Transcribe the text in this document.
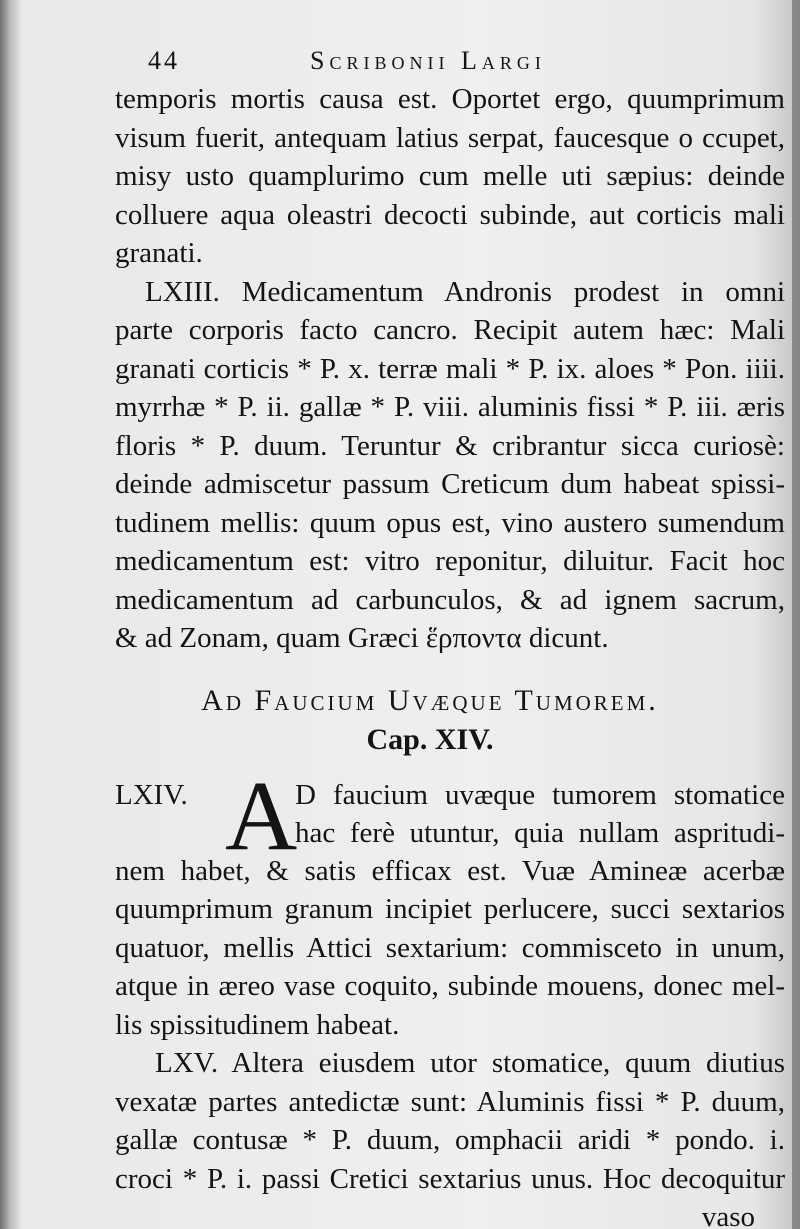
44	Scribonii Largi
temporis mortis causa est. Oportet ergo, quumprimum
visum fuerit, antequam latius serpat, faucesque o ccupet,
misy usto quamplurimo cum melle uti sæpius: deinde
colluere aqua oleastri decocti subinde, aut corticis mali
granati.
LXIII. Medicamentum Andronis prodest in omni
parte corporis facto cancro. Recipit autem hæc: Mali
granati corticis * P. x. terræ mali * P. ix. aloes * Pon. iiii.
myrrhæ * P. ii. gallæ * P. viii. aluminis fissi * P. iii. æris
floris * P. duum. Teruntur & cribrantur sicca curiosè:
deinde admiscetur passum Creticum dum habeat spissi-
tudinem mellis: quum opus est, vino austero sumendum
medicamentum est: vitro reponitur, diluitur. Facit hoc
medicamentum ad carbunculos, & ad ignem sacrum,
& ad Zonam, quam Græci ἕρποντα dicunt.
Ad Faucium Uvæque Tumorem.
Cap. XIV.
LXIV. A
D faucium uvæque tumorem stomatice
hac ferè utuntur, quia nullam aspritudi-
nem habet, & satis efficax est. Vuæ Amineæ acerbæ
quumprimum granum incipiet perlucere, succi sextarios
quatuor, mellis Attici sextarium: commisceto in unum,
atque in æreo vase coquito, subinde mouens, donec mel-
lis spissitudinem habeat.
LXV. Altera eiusdem utor stomatice, quum diutius
vexatæ partes antedictæ sunt: Aluminis fissi * P. duum,
gallæ contusæ * P. duum, omphacii aridi * pondo. i.
croci * P. i. passi Cretici sextarius unus. Hoc decoquitur
vaso
